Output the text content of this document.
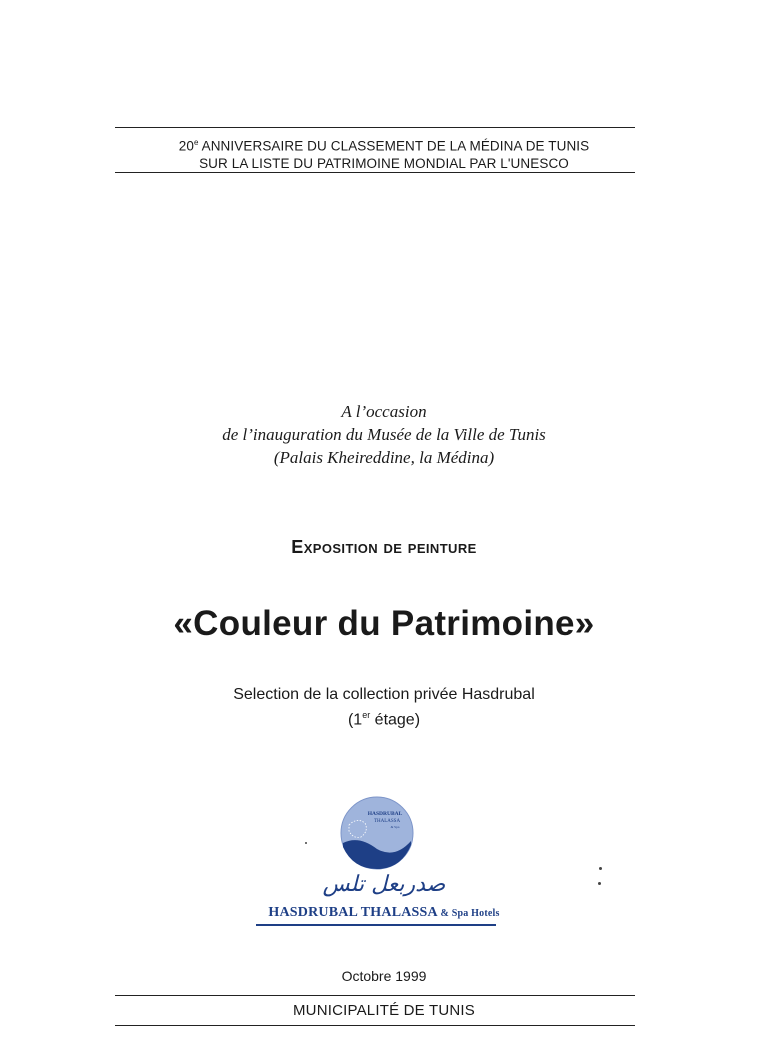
20e ANNIVERSAIRE DU CLASSEMENT DE LA MÉDINA DE TUNIS
SUR LA LISTE DU PATRIMOINE MONDIAL PAR L'UNESCO
A l’occasion
de l’inauguration du Musée de la Ville de Tunis
(Palais Kheireddine, la Médina)
Exposition de peinture
«Couleur du Patrimoine»
Selection de la collection privée Hasdrubal
(1er étage)
HASDRUBAL
THALASSA
& Spa
صدربعل تلس
HASDRUBAL THALASSA & Spa Hotels
Octobre 1999
MUNICIPALITÉ DE TUNIS
